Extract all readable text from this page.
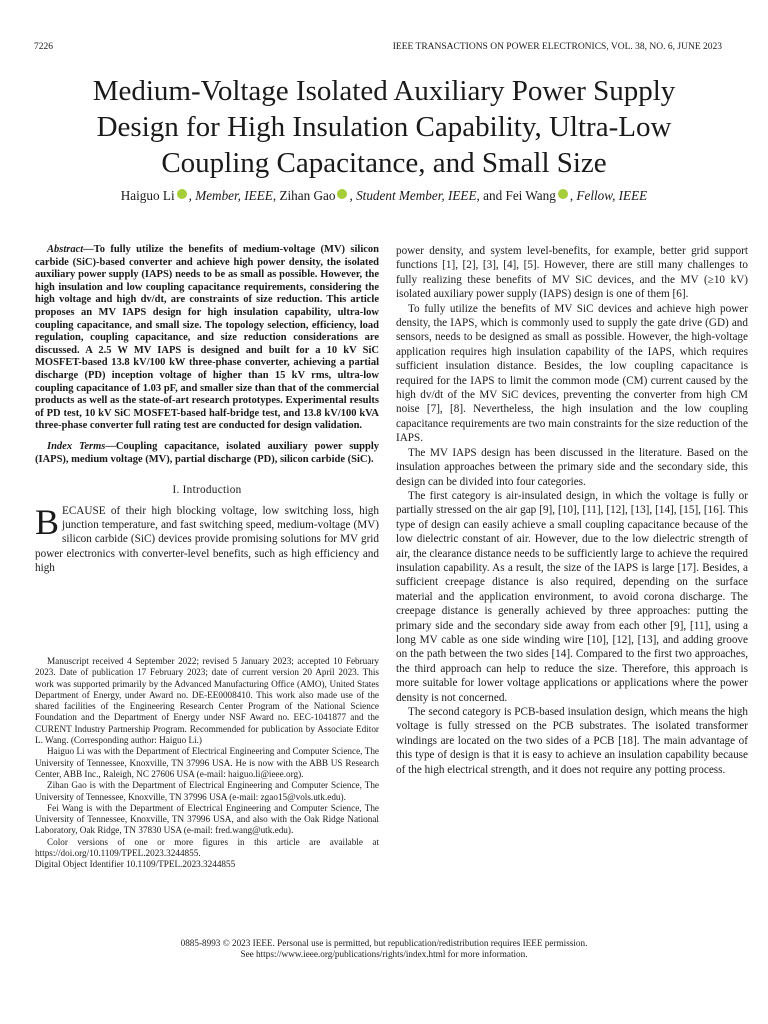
7226	IEEE TRANSACTIONS ON POWER ELECTRONICS, VOL. 38, NO. 6, JUNE 2023
Medium-Voltage Isolated Auxiliary Power Supply
Design for High Insulation Capability, Ultra-Low
Coupling Capacitance, and Small Size
Haiguo Li , Member, IEEE, Zihan Gao , Student Member, IEEE, and Fei Wang , Fellow, IEEE

Abstract—To fully utilize the benefits of medium-voltage (MV) silicon carbide (SiC)-based converter and achieve high power density, the isolated auxiliary power supply (IAPS) needs to be as small as possible. However, the high insulation and low coupling capacitance requirements, considering the high voltage and high dv/dt, are constraints of size reduction. This article proposes an MV IAPS design for high insulation capability, ultra-low coupling capacitance, and small size. The topology selection, efficiency, load regulation, coupling capacitance, and size reduction considerations are discussed. A 2.5 W MV IAPS is designed and built for a 10 kV SiC MOSFET-based 13.8 kV/100 kW three-phase converter, achieving a partial discharge (PD) inception voltage of higher than 15 kV rms, ultra-low coupling capacitance of 1.03 pF, and smaller size than that of the commercial products as well as the state-of-art research prototypes. Experimental results of PD test, 10 kV SiC MOSFET-based half-bridge test, and 13.8 kV/100 kVA three-phase converter full rating test are conducted for design validation.

Index Terms—Coupling capacitance, isolated auxiliary power supply (IAPS), medium voltage (MV), partial discharge (PD), silicon carbide (SiC).

I. Introduction

BECAUSE of their high blocking voltage, low switching loss, high junction temperature, and fast switching speed, medium-voltage (MV) silicon carbide (SiC) devices provide promising solutions for MV grid power electronics with converter-level benefits, such as high efficiency and high

Manuscript received 4 September 2022; revised 5 January 2023; accepted 10 February 2023. Date of publication 17 February 2023; date of current version 20 April 2023. This work was supported primarily by the Advanced Manufacturing Office (AMO), United States Department of Energy, under Award no. DE-EE0008410. This work also made use of the shared facilities of the Engineering Research Center Program of the National Science Foundation and the Department of Energy under NSF Award no. EEC-1041877 and the CURENT Industry Partnership Program. Recommended for publication by Associate Editor L. Wang. (Corresponding author: Haiguo Li.)

Haiguo Li was with the Department of Electrical Engineering and Computer Science, The University of Tennessee, Knoxville, TN 37996 USA. He is now with the ABB US Research Center, ABB Inc., Raleigh, NC 27606 USA (e-mail: haiguo.li@ieee.org).

Zihan Gao is with the Department of Electrical Engineering and Computer Science, The University of Tennessee, Knoxville, TN 37996 USA (e-mail: zgao15@vols.utk.edu).

Fei Wang is with the Department of Electrical Engineering and Computer Science, The University of Tennessee, Knoxville, TN 37996 USA, and also with the Oak Ridge National Laboratory, Oak Ridge, TN 37830 USA (e-mail: fred.wang@utk.edu).

Color versions of one or more figures in this article are available at https://doi.org/10.1109/TPEL.2023.3244855.

Digital Object Identifier 10.1109/TPEL.2023.3244855

power density, and system level-benefits, for example, better grid support functions [1], [2], [3], [4], [5]. However, there are still many challenges to fully realizing these benefits of MV SiC devices, and the MV (≥10 kV) isolated auxiliary power supply (IAPS) design is one of them [6].

To fully utilize the benefits of MV SiC devices and achieve high power density, the IAPS, which is commonly used to supply the gate drive (GD) and sensors, needs to be designed as small as possible. However, the high-voltage application requires high insulation capability of the IAPS, which requires sufficient insulation distance. Besides, the low coupling capacitance is required for the IAPS to limit the common mode (CM) current caused by the high dv/dt of the MV SiC devices, preventing the converter from high CM noise [7], [8]. Nevertheless, the high insulation and the low coupling capacitance requirements are two main constraints for the size reduction of the IAPS.

The MV IAPS design has been discussed in the literature. Based on the insulation approaches between the primary side and the secondary side, this design can be divided into four categories.

The first category is air-insulated design, in which the voltage is fully or partially stressed on the air gap [9], [10], [11], [12], [13], [14], [15], [16]. This type of design can easily achieve a small coupling capacitance because of the low dielectric constant of air. However, due to the low dielectric strength of air, the clearance distance needs to be sufficiently large to achieve the required insulation capability. As a result, the size of the IAPS is large [17]. Besides, a sufficient creepage distance is also required, depending on the surface material and the application environment, to avoid corona discharge. The creepage distance is generally achieved by three approaches: putting the primary side and the secondary side away from each other [9], [11], using a long MV cable as one side winding wire [10], [12], [13], and adding groove on the path between the two sides [14]. Compared to the first two approaches, the third approach can help to reduce the size. Therefore, this approach is more suitable for lower voltage applications or applications where the power density is not concerned.

The second category is PCB-based insulation design, which means the high voltage is fully stressed on the PCB substrates. The isolated transformer windings are located on the two sides of a PCB [18]. The main advantage of this type of design is that it is easy to achieve an insulation capability because of the high electrical strength, and it does not require any potting process.

0885-8993 © 2023 IEEE. Personal use is permitted, but republication/redistribution requires IEEE permission.
See https://www.ieee.org/publications/rights/index.html for more information.
